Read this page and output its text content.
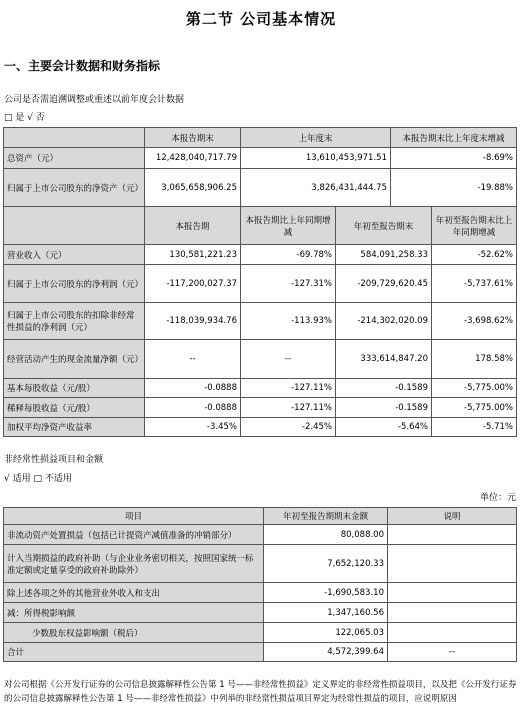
第二节 公司基本情况
一、主要会计数据和财务指标
公司是否需追溯调整或重述以前年度会计数据
□ 是 √ 否
	本报告期末	上年度末	本报告期末比上年度末增减
总资产（元）	12,428,040,717.79	13,610,453,971.51	-8.69%
归属于上市公司股东的净资产（元）	3,065,658,906.25	3,826,431,444.75	-19.88%
	本报告期	本报告期比上年同期增减	年初至报告期末	年初至报告期末比上年同期增减
营业收入（元）	130,581,221.23	-69.78%	584,091,258.33	-52.62%
归属于上市公司股东的净利润（元）	-117,200,027.37	-127.31%	-209,729,620.45	-5,737.61%
归属于上市公司股东的扣除非经常性损益的净利润（元）	-118,039,934.76	-113.93%	-214,302,020.09	-3,698.62%
经营活动产生的现金流量净额（元）	--	--	333,614,847.20	178.58%
基本每股收益（元/股）	-0.0888	-127.11%	-0.1589	-5,775.00%
稀释每股收益（元/股）	-0.0888	-127.11%	-0.1589	-5,775.00%
加权平均净资产收益率	-3.45%	-2.45%	-5.64%	-5.71%
非经常性损益项目和金额
√ 适用 □ 不适用
单位：元
项目	年初至报告期期末金额	说明
非流动资产处置损益（包括已计提资产减值准备的冲销部分）	80,088.00	
计入当期损益的政府补助（与企业业务密切相关，按照国家统一标准定额或定量享受的政府补助除外）	7,652,120.33	
除上述各项之外的其他营业外收入和支出	-1,690,583.10	
减：所得税影响额	1,347,160.56	
少数股东权益影响额（税后）	122,065.03	
合计	4,572,399.64	--
对公司根据《公开发行证券的公司信息披露解释性公告第 1 号——非经常性损益》定义界定的非经常性损益项目，以及把《公开发行证券的公司信息披露解释性公告第 1 号——非经常性损益》中列举的非经常性损益项目界定为经常性损益的项目，应说明原因
